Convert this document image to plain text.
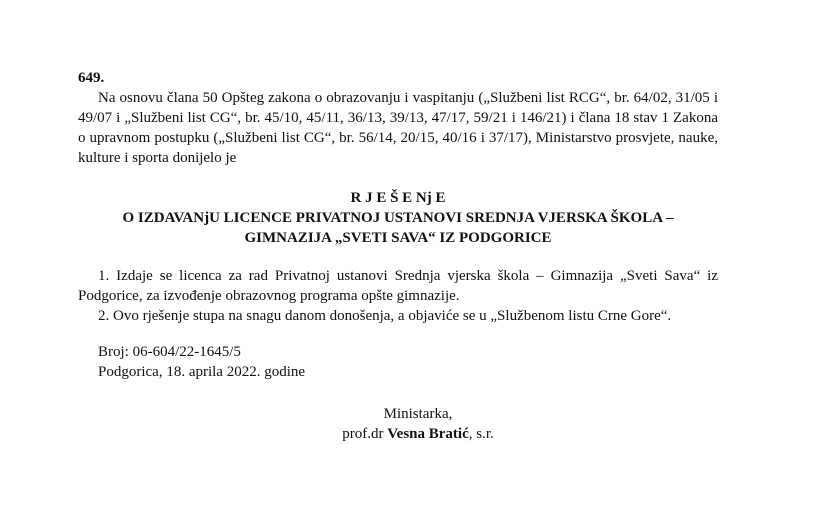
649.

Na osnovu člana 50 Opšteg zakona o obrazovanju i vaspitanju („Službeni list RCG“, br. 64/02, 31/05 i 49/07 i „Službeni list CG“, br. 45/10, 45/11, 36/13, 39/13, 47/17, 59/21 i 146/21) i člana 18 stav 1 Zakona o upravnom postupku („Službeni list CG“, br. 56/14, 20/15, 40/16 i 37/17), Ministarstvo prosvjete, nauke, kulture i sporta donijelo je

R J E Š E Nj E
O IZDAVANjU LICENCE PRIVATNOJ USTANOVI SREDNJA VJERSKA ŠKOLA –
GIMNAZIJA „SVETI SAVA“ IZ PODGORICE

1. Izdaje se licenca za rad Privatnoj ustanovi Srednja vjerska škola – Gimnazija „Sveti Sava“ iz Podgorice, za izvođenje obrazovnog programa opšte gimnazije.

2. Ovo rješenje stupa na snagu danom donošenja, a objaviće se u „Službenom listu Crne Gore“.

Broj: 06-604/22-1645/5
Podgorica, 18. aprila 2022. godine
Ministarka,
prof.dr Vesna Bratić, s.r.
